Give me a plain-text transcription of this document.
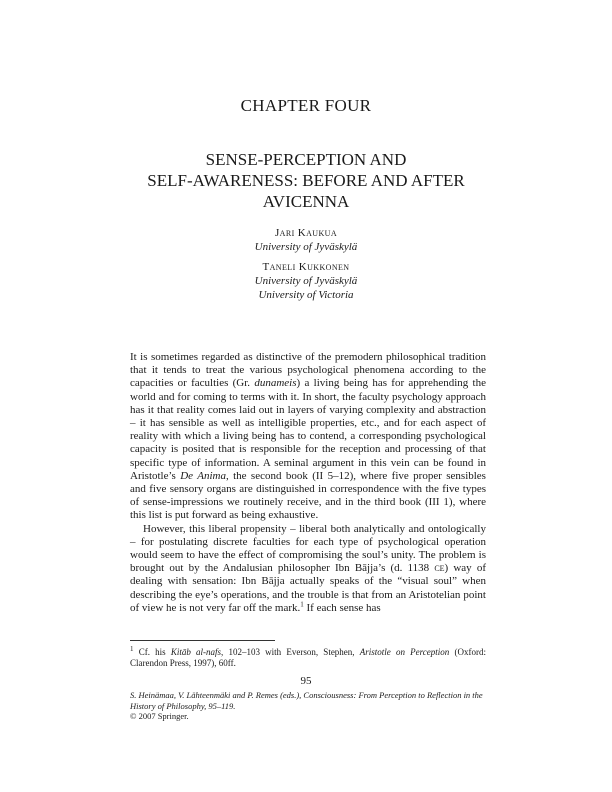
CHAPTER FOUR
SENSE-PERCEPTION AND
SELF-AWARENESS: BEFORE AND AFTER
AVICENNA
Jari Kaukua
University of Jyväskylä
Taneli Kukkonen
University of Jyväskylä
University of Victoria

It is sometimes regarded as distinctive of the premodern philosophical tradition that it tends to treat the various psychological phenomena according to the capacities or faculties (Gr. dunameis) a living being has for apprehending the world and for coming to terms with it. In short, the faculty psychology approach has it that reality comes laid out in layers of varying complexity and abstraction – it has sensible as well as intelligible properties, etc., and for each aspect of reality with which a living being has to contend, a corresponding psychological capacity is posited that is responsible for the reception and processing of that specific type of information. A seminal argument in this vein can be found in Aristotle’s De Anima, the second book (II 5–12), where five proper sensibles and five sensory organs are distinguished in correspondence with the five types of sense-impressions we routinely receive, and in the third book (III 1), where this list is put forward as being exhaustive.

However, this liberal propensity – liberal both analytically and ontologically – for postulating discrete faculties for each type of psychological operation would seem to have the effect of compromising the soul’s unity. The problem is brought out by the Andalusian philosopher Ibn Bājja’s (d. 1138 ce) way of dealing with sensation: Ibn Bājja actually speaks of the “visual soul” when describing the eye’s operations, and the trouble is that from an Aristotelian point of view he is not very far off the mark.$^1$ If each sense has

$^1$ Cf. his Kitāb al-nafs, 102–103 with Everson, Stephen, Aristotle on Perception (Oxford: Clarendon Press, 1997), 60ff.
95
S. Heinämaa, V. Lähteenmäki and P. Remes (eds.), Consciousness: From Perception to Reflection in the History of Philosophy, 95–119.
© 2007 Springer.
